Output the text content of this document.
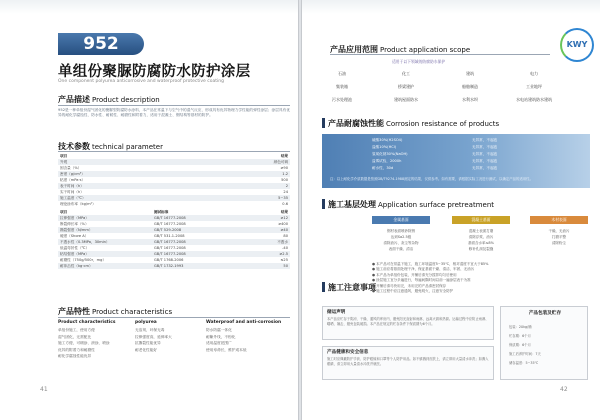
952
单组份聚脲防腐防水防护涂层
One component polyurea anticorrosive and waterproof protective coating
产品描述 Product description
952是一种单组份湿气固化的聚脲型防腐防水涂料，本产品在常温下与空气中的湿气反应，形成具有优异物理力学性能的弹性涂层；涂层具有优异的耐化学腐蚀性、防水性、耐候性、耐磨性和附着力，适用于混凝土、钢结构等基材的防护。
技术参数 technical parameter
项目	结果
外观	颜色可调
固含量（%）	≥90
密度（g/cm³）	1.2
粘度（mPa·s）	500
表干时间（h）	2
实干时间（h）	24
施工温度（℃）	5~35
理论涂布率（kg/m²）	0.6
项目	测试标准	结果
拉伸强度（MPa）	GB/T 16777-2008	≥12
断裂伸长率（%）	GB/T 16777-2008	≥400
撕裂强度（N/mm）	GB/T 529-2008	≥40
硬度（Shore A）	GB/T 531.1-2008	80
不透水性（0.3MPa，30min）	GB/T 16777-2008	不透水
低温弯折性（℃）	GB/T 16777-2008	-40
粘结强度（MPa）	GB/T 16777-2008	≥2.5
耐磨性（750g/500r，mg）	GB/T 1768-2006	≤25
耐冲击性（kg·cm）	GB/T 1732-1993	50
产品特性 Product characteristics
Product characteristics
单组份施工，使用方便
湿气固化，无需配比
施工方便，可刷涂、滚涂、喷涂
优异的附着力和耐磨性
耐化学腐蚀性能优异
polyurea
无溶剂，环保无毒
拉伸强度高，延伸率大
抗撕裂性能优异
耐老化性能好
Waterproof and anti-corrosion
防水防腐一体化
耐紫外线，不粉化
适用温度范围广
使用寿命长，维护成本低
41
KWY
产品应用范围 Product application scope
适用于以下领域的防腐防水保护
石油	化工	建筑	电力
集装箱	桥梁建护	船舶制造	工业地坪
污水处理池	建筑屋面防水	水利水坝	水电站建筑防水建筑
产品耐腐蚀性能 Corrosion resistance of products
硫酸30%(H2SO4)	无异常，不起泡
盐酸10%(HCl)	无异常，不起泡
氢氧化钠30%(NaOH)	无异常，不起泡
盐雾试验，2000h	无异常，不起泡
耐水性，30d	无异常，不起泡
注：以上耐化学介质数据是按照GB/T9274-1988测定的结果，仅供参考。如有需要，请根据实际工况进行测试，以确定产品的适用性。
施工基层处理 Application surface pretreatment
金属基面
钢材表面喷砂除锈
达到Sa2.5级
清除油污、灰尘等杂物
表面干燥、清洁
混凝土基面
混凝土表面打磨
清除浮浆、油污
基面含水率≤8%
修补孔洞及裂缝
木材表面
干燥，无油污
打磨平整
清除粉尘
施工注意事项
● 本产品可在常温下施工，施工环境温度5~35℃，相对湿度不宜大于85%
● 施工前应将基面处理干净，保证基面干燥、清洁、牢固、无油污
● 本产品为单组份包装，开桶后请充分搅拌均匀后使用
● 涂层施工宜分多遍进行，每遍间隔时间以前一遍涂层表干为准
● 开桶后请尽快用完，未用完的产品请密封保存
● 施工过程中应注意通风，避免明火，注意安全防护
储运声明
本产品应贮存于阴凉、干燥、通风的库房内，避免阳光直射和雨淋，远离火源和热源。运输过程中应防止雨淋、曝晒、撞击，避免包装破损。本产品在规定的贮存条件下保质期为6个月。
产品健康和安全信息
施工时应佩戴防护手套、防护眼镜和口罩等个人防护用品。如不慎溅到皮肤上，请立即用大量清水冲洗；如溅入眼睛，请立即用大量清水冲洗并就医。
产品包装及贮存
包装：20kg/桶
贮存期：6个月
保质期：6个月
施工后养护时间：7天
储存温度：5~35℃
42
